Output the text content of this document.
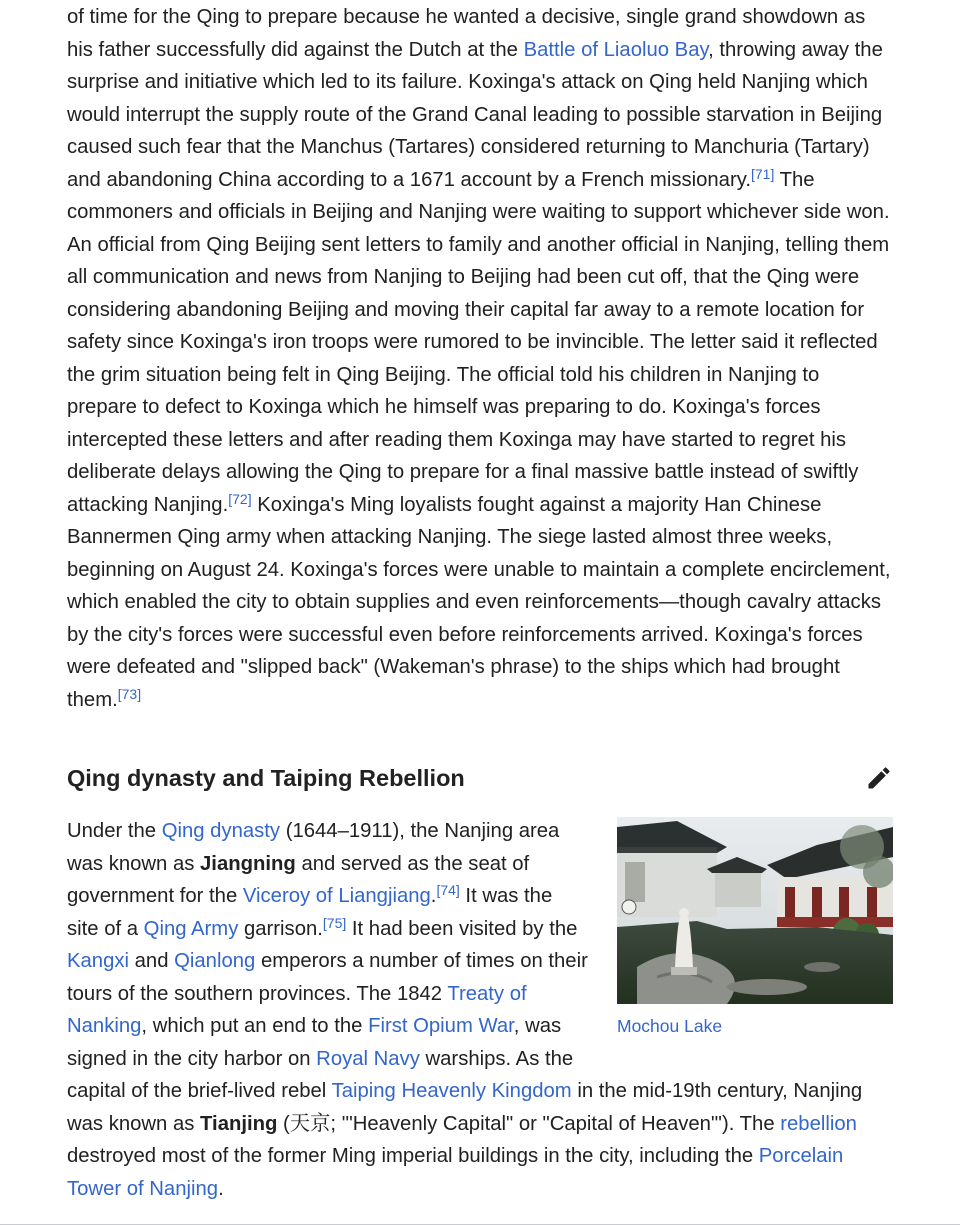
of time for the Qing to prepare because he wanted a decisive, single grand showdown as his father successfully did against the Dutch at the Battle of Liaoluo Bay, throwing away the surprise and initiative which led to its failure. Koxinga's attack on Qing held Nanjing which would interrupt the supply route of the Grand Canal leading to possible starvation in Beijing caused such fear that the Manchus (Tartares) considered returning to Manchuria (Tartary) and abandoning China according to a 1671 account by a French missionary.[71] The commoners and officials in Beijing and Nanjing were waiting to support whichever side won. An official from Qing Beijing sent letters to family and another official in Nanjing, telling them all communication and news from Nanjing to Beijing had been cut off, that the Qing were considering abandoning Beijing and moving their capital far away to a remote location for safety since Koxinga's iron troops were rumored to be invincible. The letter said it reflected the grim situation being felt in Qing Beijing. The official told his children in Nanjing to prepare to defect to Koxinga which he himself was preparing to do. Koxinga's forces intercepted these letters and after reading them Koxinga may have started to regret his deliberate delays allowing the Qing to prepare for a final massive battle instead of swiftly attacking Nanjing.[72] Koxinga's Ming loyalists fought against a majority Han Chinese Bannermen Qing army when attacking Nanjing. The siege lasted almost three weeks, beginning on August 24. Koxinga's forces were unable to maintain a complete encirclement, which enabled the city to obtain supplies and even reinforcements—though cavalry attacks by the city's forces were successful even before reinforcements arrived. Koxinga's forces were defeated and "slipped back" (Wakeman's phrase) to the ships which had brought them.[73]

Qing dynasty and Taiping Rebellion
Mochou Lake

Under the Qing dynasty (1644–1911), the Nanjing area was known as Jiangning and served as the seat of government for the Viceroy of Liangjiang.[74] It was the site of a Qing Army garrison.[75] It had been visited by the Kangxi and Qianlong emperors a number of times on their tours of the southern provinces. The 1842 Treaty of Nanking, which put an end to the First Opium War, was signed in the city harbor on Royal Navy warships. As the capital of the brief-lived rebel Taiping Heavenly Kingdom in the mid-19th century, Nanjing was known as Tianjing (天京; '"Heavenly Capital" or "Capital of Heaven"'). The rebellion destroyed most of the former Ming imperial buildings in the city, including the Porcelain Tower of Nanjing.
